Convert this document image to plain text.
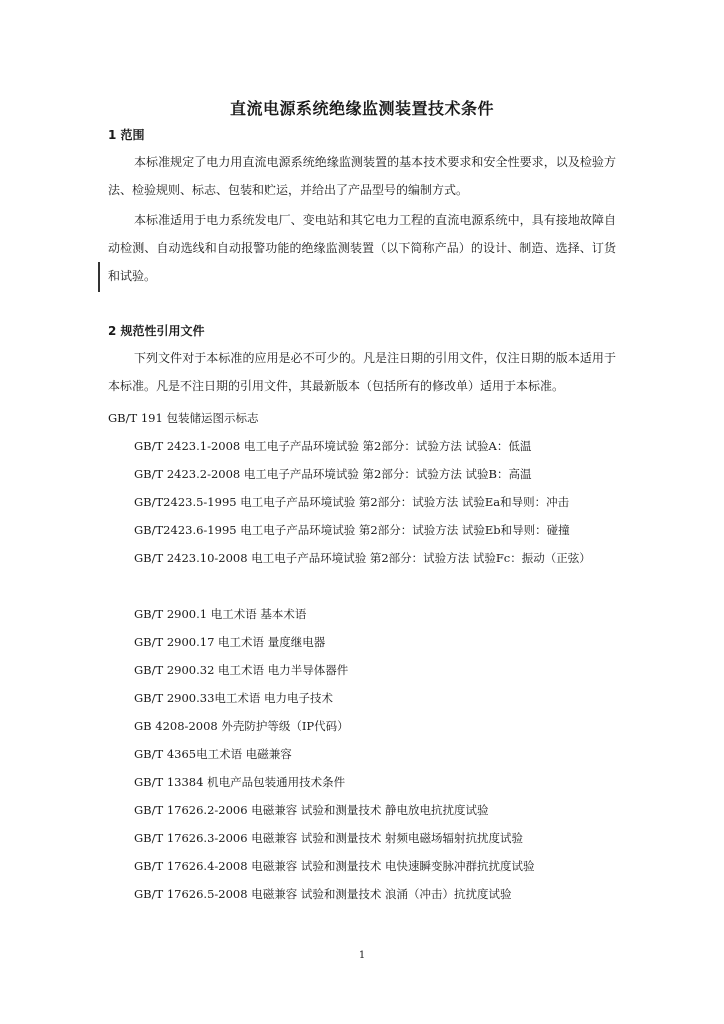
直流电源系统绝缘监测装置技术条件
1 范围

本标准规定了电力用直流电源系统绝缘监测装置的基本技术要求和安全性要求，以及检验方法、检验规则、标志、包装和贮运，并给出了产品型号的编制方式。

本标准适用于电力系统发电厂、变电站和其它电力工程的直流电源系统中，具有接地故障自动检测、自动选线和自动报警功能的绝缘监测装置（以下简称产品）的设计、制造、选择、订货和试验。

2 规范性引用文件

下列文件对于本标准的应用是必不可少的。凡是注日期的引用文件，仅注日期的版本适用于本标准。凡是不注日期的引用文件，其最新版本（包括所有的修改单）适用于本标准。

GB/T 191 包装储运图示标志
GB/T 2423.1-2008 电工电子产品环境试验 第2部分：试验方法 试验A：低温
GB/T 2423.2-2008 电工电子产品环境试验 第2部分：试验方法 试验B：高温
GB/T2423.5-1995 电工电子产品环境试验 第2部分：试验方法 试验Ea和导则：冲击
GB/T2423.6-1995 电工电子产品环境试验 第2部分：试验方法 试验Eb和导则：碰撞

GB/T 2423.10-2008 电工电子产品环境试验 第2部分：试验方法 试验Fc：振动（正弦）

GB/T 2900.1 电工术语 基本术语
GB/T 2900.17 电工术语 量度继电器
GB/T 2900.32 电工术语 电力半导体器件
GB/T 2900.33电工术语 电力电子技术
GB 4208-2008 外壳防护等级（IP代码）
GB/T 4365电工术语 电磁兼容
GB/T 13384 机电产品包装通用技术条件
GB/T 17626.2-2006 电磁兼容 试验和测量技术 静电放电抗扰度试验
GB/T 17626.3-2006 电磁兼容 试验和测量技术 射频电磁场辐射抗扰度试验
GB/T 17626.4-2008 电磁兼容 试验和测量技术 电快速瞬变脉冲群抗扰度试验
GB/T 17626.5-2008 电磁兼容 试验和测量技术 浪涌（冲击）抗扰度试验
1
